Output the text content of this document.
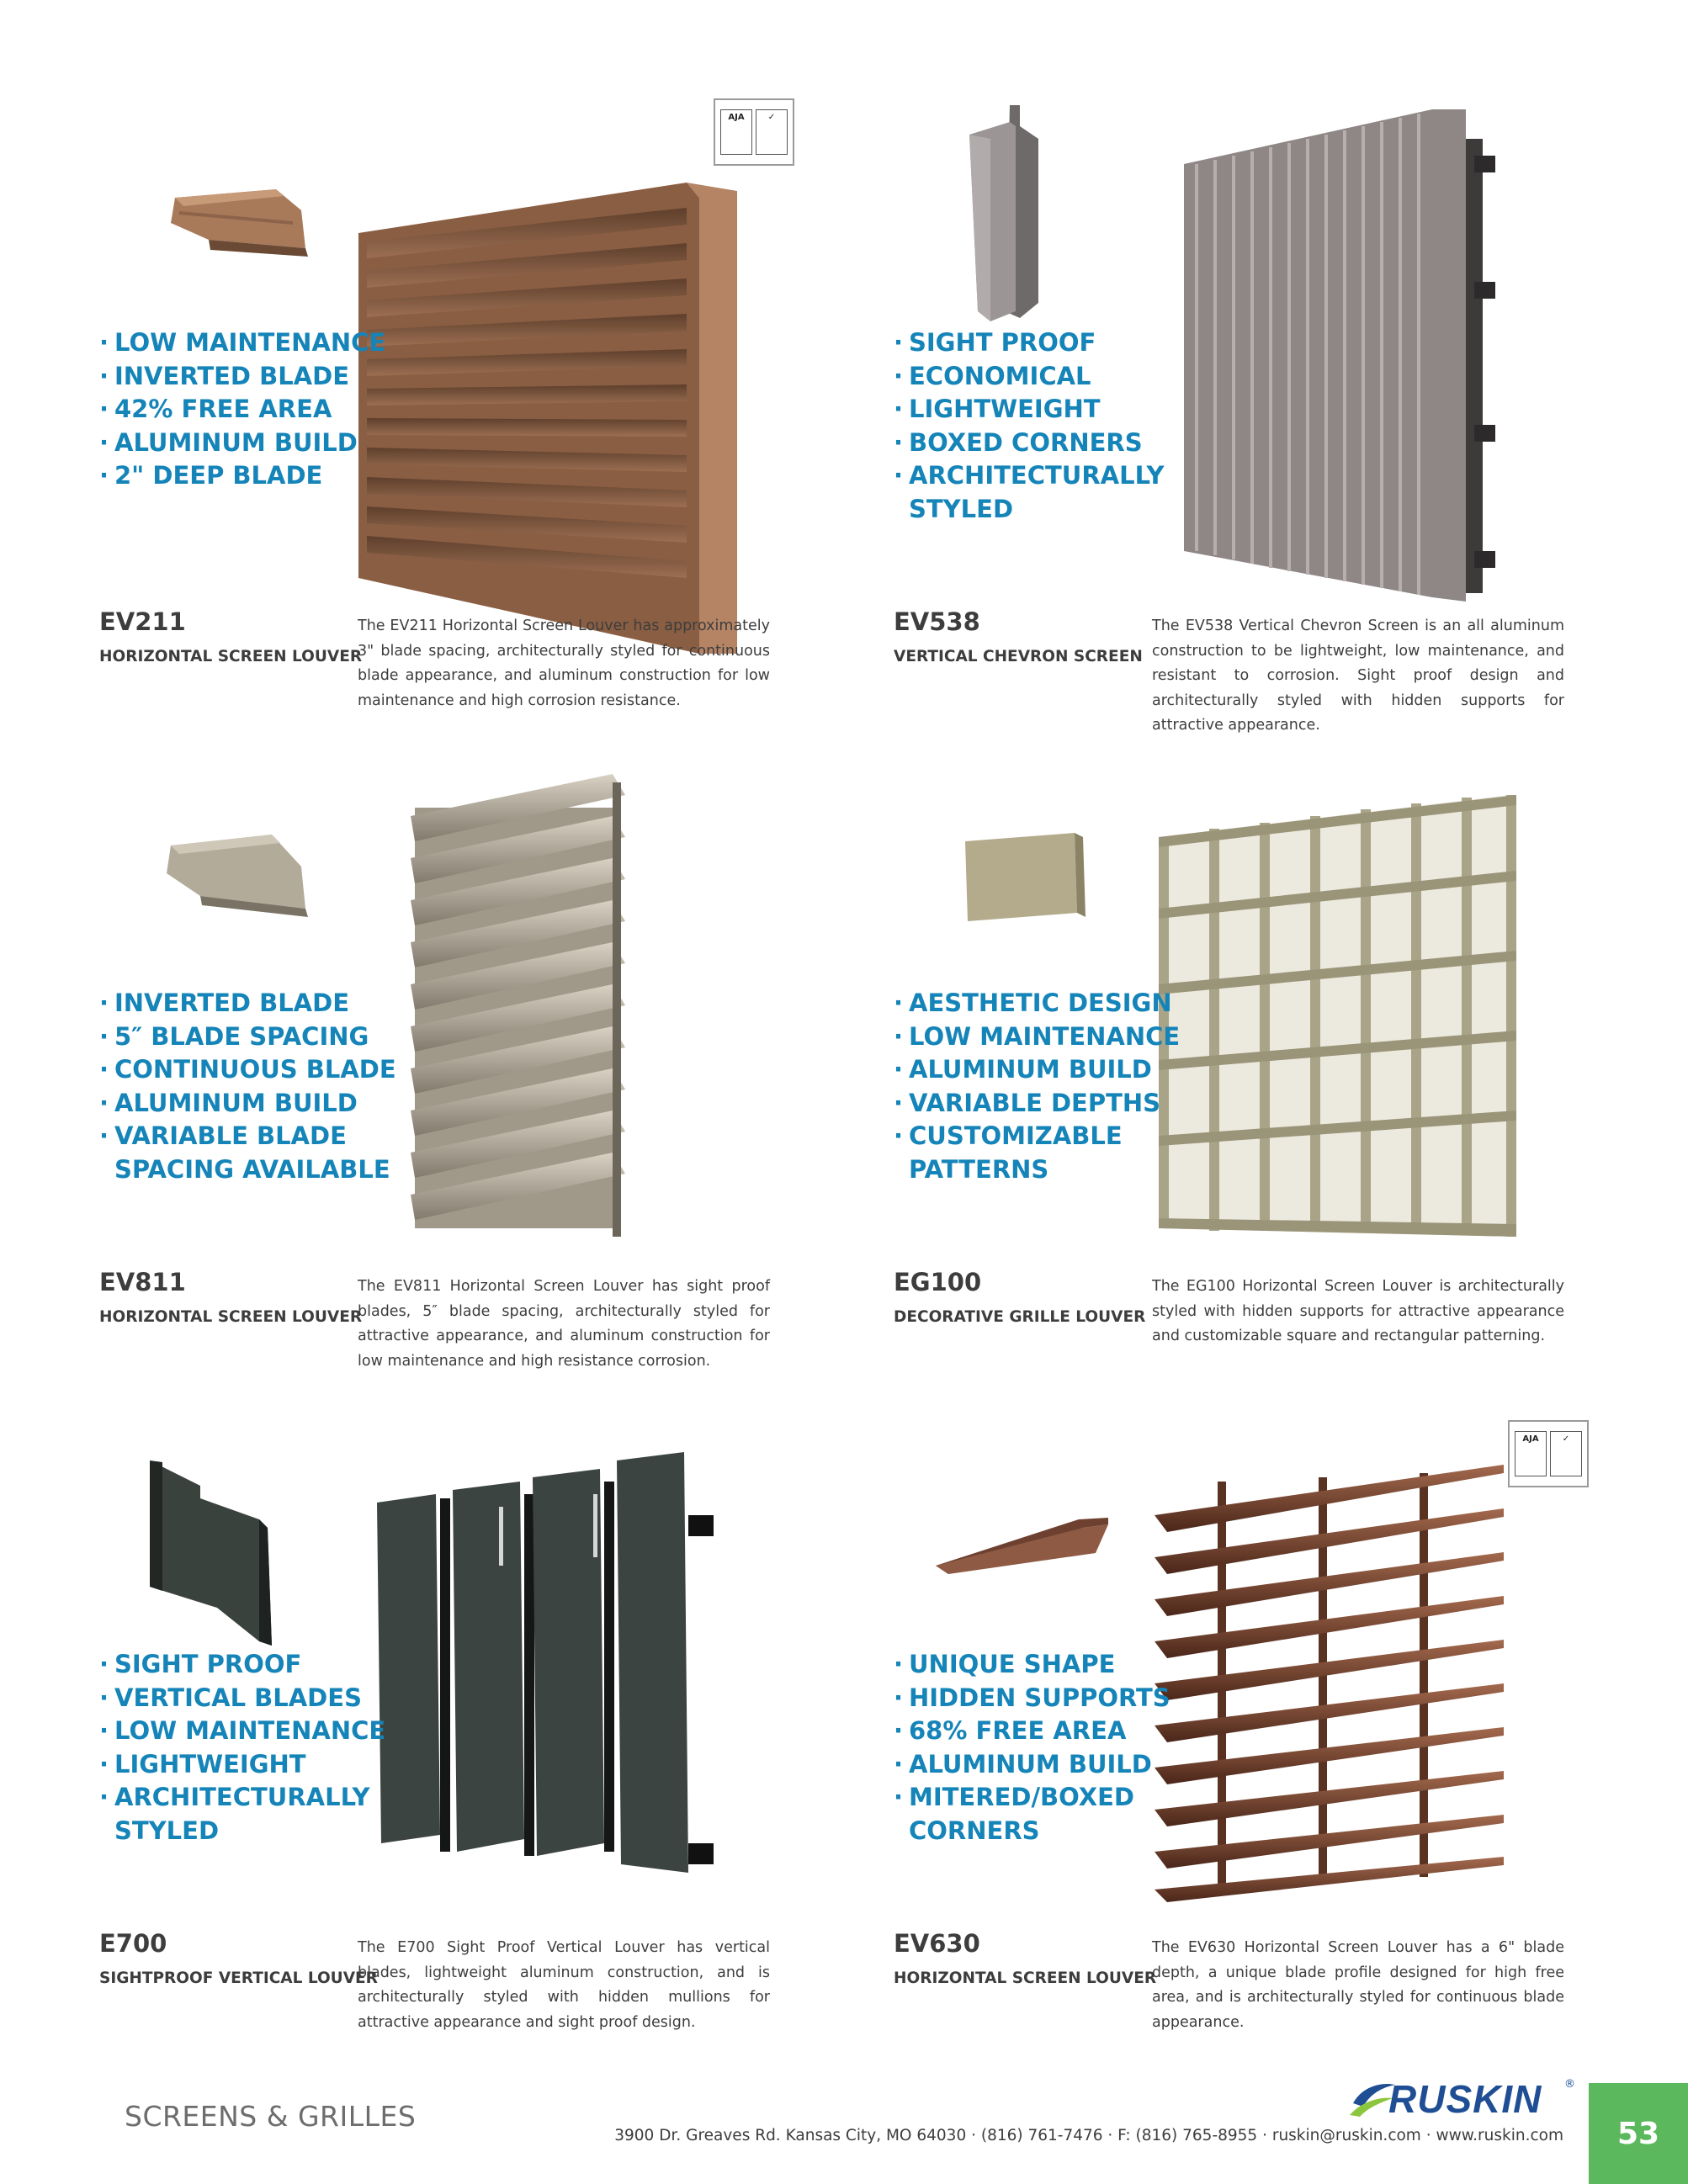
· LOW MAINTENANCE
· INVERTED BLADE
· 42% FREE AREA
· ALUMINUM BUILD
· 2" DEEP BLADE
AJA	✓
EV211
HORIZONTAL SCREEN LOUVER

The EV211 Horizontal Screen Louver has approximately 3" blade spacing, architecturally styled for continuous blade appearance, and aluminum construction for low maintenance and high corrosion resistance.

· SIGHT PROOF
· ECONOMICAL
· LIGHTWEIGHT
· BOXED CORNERS
· ARCHITECTURALLY
STYLED
EV538
VERTICAL CHEVRON SCREEN

The EV538 Vertical Chevron Screen is an all aluminum construction to be lightweight, low maintenance, and resistant to corrosion. Sight proof design and architecturally styled with hidden supports for attractive appearance.

· INVERTED BLADE
· 5″ BLADE SPACING
· CONTINUOUS BLADE
· ALUMINUM BUILD
· VARIABLE BLADE
SPACING AVAILABLE
EV811
HORIZONTAL SCREEN LOUVER

The EV811 Horizontal Screen Louver has sight proof blades, 5″ blade spacing, architecturally styled for attractive appearance, and aluminum construction for low maintenance and high resistance corrosion.

· AESTHETIC DESIGN
· LOW MAINTENANCE
· ALUMINUM BUILD
· VARIABLE DEPTHS
· CUSTOMIZABLE
PATTERNS
EG100
DECORATIVE GRILLE LOUVER

The EG100 Horizontal Screen Louver is architecturally styled with hidden supports for attractive appearance and customizable square and rectangular patterning.

· SIGHT PROOF
· VERTICAL BLADES
· LOW MAINTENANCE
· LIGHTWEIGHT
· ARCHITECTURALLY
STYLED
E700
SIGHTPROOF VERTICAL LOUVER

The E700 Sight Proof Vertical Louver has vertical blades, lightweight aluminum construction, and is architecturally styled with hidden mullions for attractive appearance and sight proof design.

· UNIQUE SHAPE
· HIDDEN SUPPORTS
· 68% FREE AREA
· ALUMINUM BUILD
· MITERED/BOXED
CORNERS
AJA	✓
EV630
HORIZONTAL SCREEN LOUVER

The EV630 Horizontal Screen Louver has a 6" blade depth, a unique blade profile designed for high free area, and is architecturally styled for continuous blade appearance.

SCREENS & GRILLES	RUSKIN ®
3900 Dr. Greaves Rd. Kansas City, MO 64030 · (816) 761-7476 · F: (816) 765-8955 · ruskin@ruskin.com · www.ruskin.com	53
